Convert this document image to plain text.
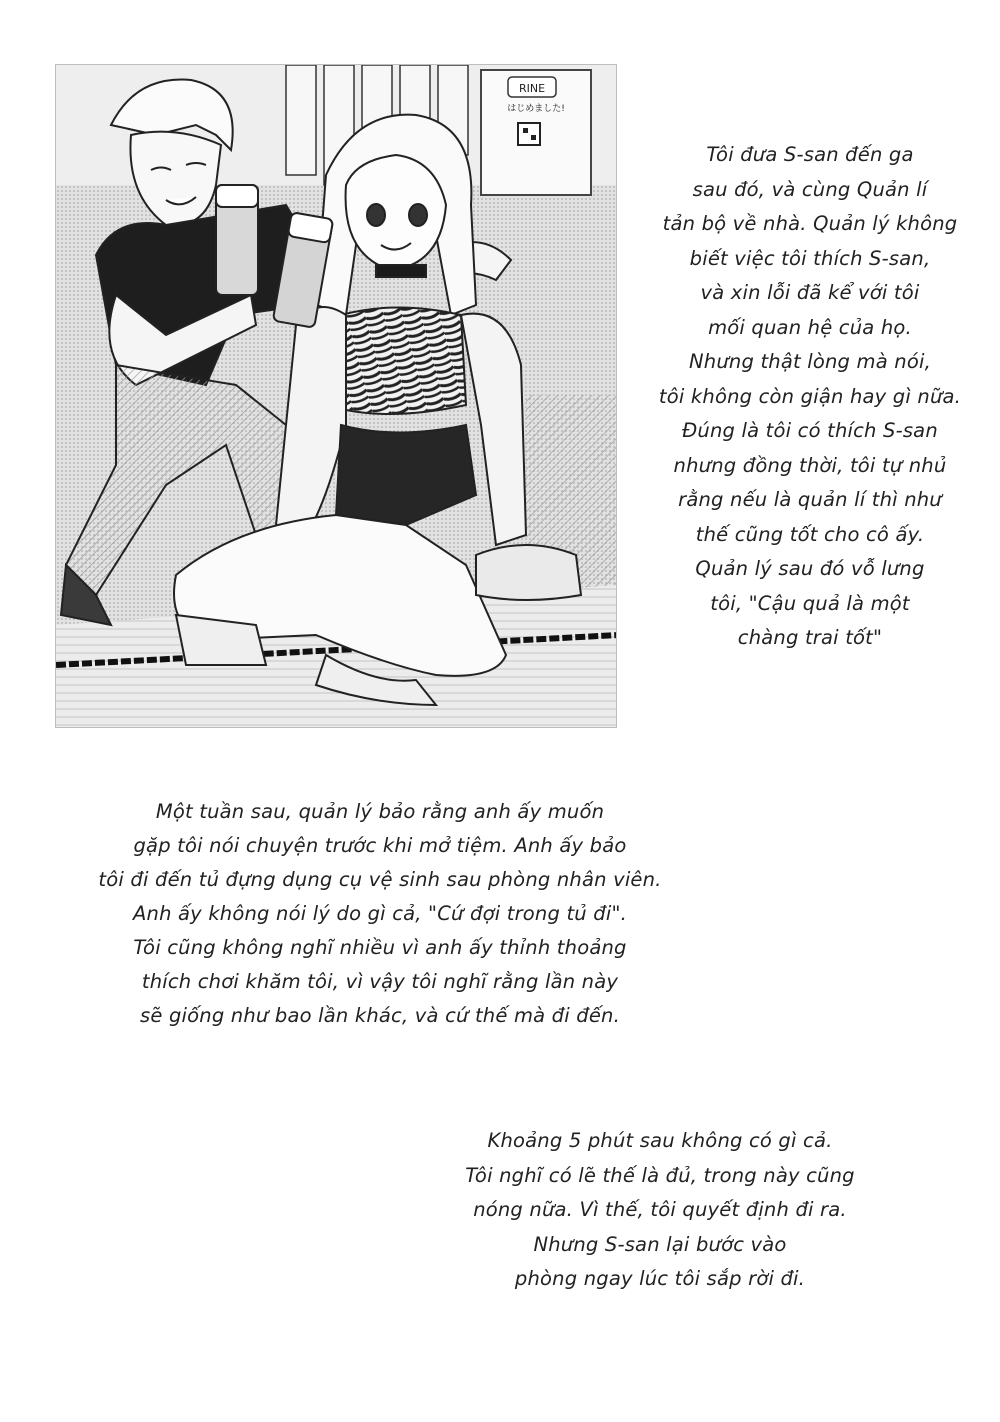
RINE
はじめました!
Tôi đưa S-san đến ga
sau đó, và cùng Quản lí
tản bộ về nhà. Quản lý không
biết việc tôi thích S-san,
và xin lỗi đã kể với tôi
mối quan hệ của họ.
Nhưng thật lòng mà nói,
tôi không còn giận hay gì nữa.
Đúng là tôi có thích S-san
nhưng đồng thời, tôi tự nhủ
rằng nếu là quản lí thì như
thế cũng tốt cho cô ấy.
Quản lý sau đó vỗ lưng
tôi, "Cậu quả là một
chàng trai tốt"
Một tuần sau, quản lý bảo rằng anh ấy muốn
gặp tôi nói chuyện trước khi mở tiệm. Anh ấy bảo
tôi đi đến tủ đựng dụng cụ vệ sinh sau phòng nhân viên.
Anh ấy không nói lý do gì cả, "Cứ đợi trong tủ đi".
Tôi cũng không nghĩ nhiều vì anh ấy thỉnh thoảng
thích chơi khăm tôi, vì vậy tôi nghĩ rằng lần này
sẽ giống như bao lần khác, và cứ thế mà đi đến.
Khoảng 5 phút sau không có gì cả.
Tôi nghĩ có lẽ thế là đủ, trong này cũng
nóng nữa. Vì thế, tôi quyết định đi ra.
Nhưng S-san lại bước vào
phòng ngay lúc tôi sắp rời đi.
